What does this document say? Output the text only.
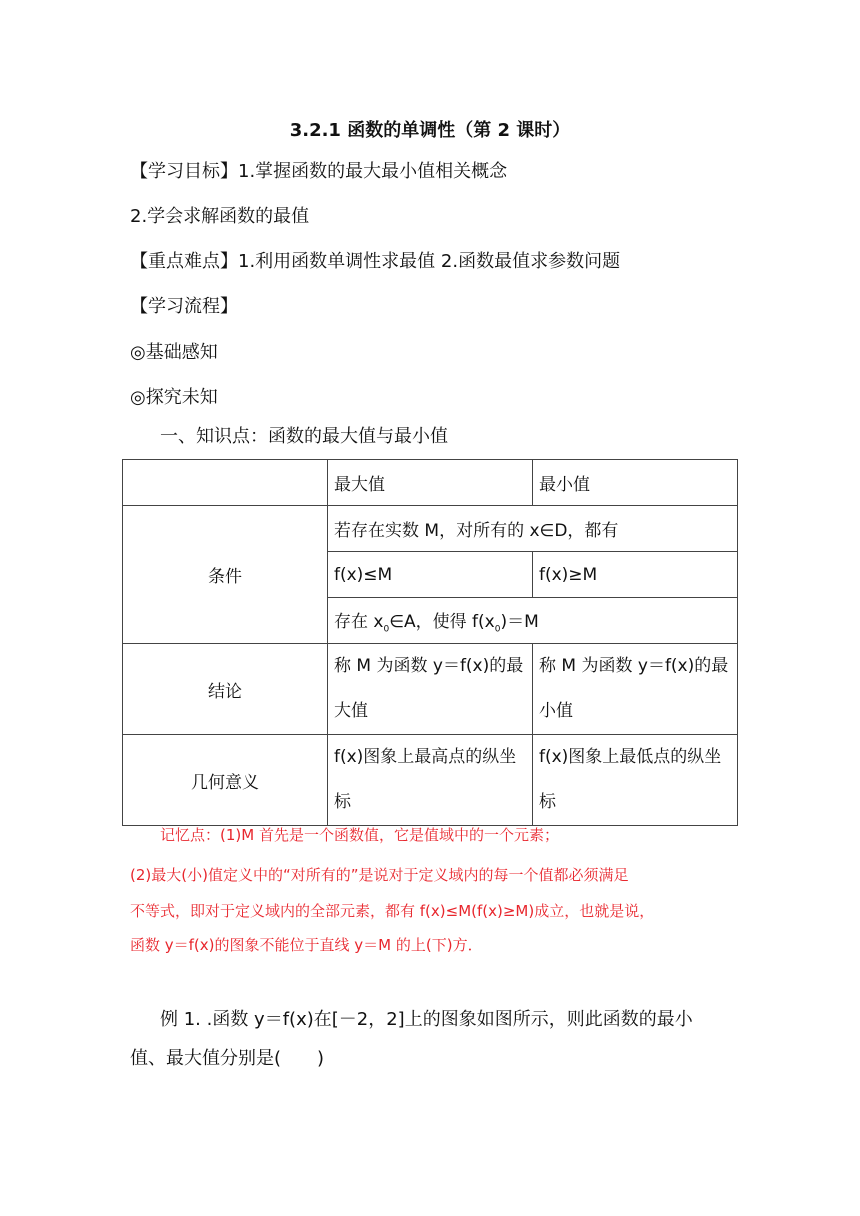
3.2.1 函数的单调性（第 2 课时）
【学习目标】1.掌握函数的最大最小值相关概念
2.学会求解函数的最值
【重点难点】1.利用函数单调性求最值 2.函数最值求参数问题
【学习流程】
◎基础感知
◎探究未知
一、知识点：函数的最大值与最小值
	最大值	最小值
条件	若存在实数 M，对所有的 x∈D，都有	
	f(x)≤M	f(x)≥M
	存在 $x_0\in A$，使得 $f(x_0)=M$	
结论	称 M 为函数 y＝f(x)的最大值	称 M 为函数 y＝f(x)的最小值
几何意义	f(x)图象上最高点的纵坐标	f(x)图象上最低点的纵坐标
记忆点：(1)M 首先是一个函数值，它是值域中的一个元素；
(2)最大(小)值定义中的“对所有的”是说对于定义域内的每一个值都必须满足
不等式，即对于定义域内的全部元素，都有 f(x)≤M(f(x)≥M)成立，也就是说，
函数 y＝f(x)的图象不能位于直线 y＝M 的上(下)方．
例 1. .函数 y＝f(x)在[－2，2]上的图象如图所示，则此函数的最小
值、最大值分别是(　　)
